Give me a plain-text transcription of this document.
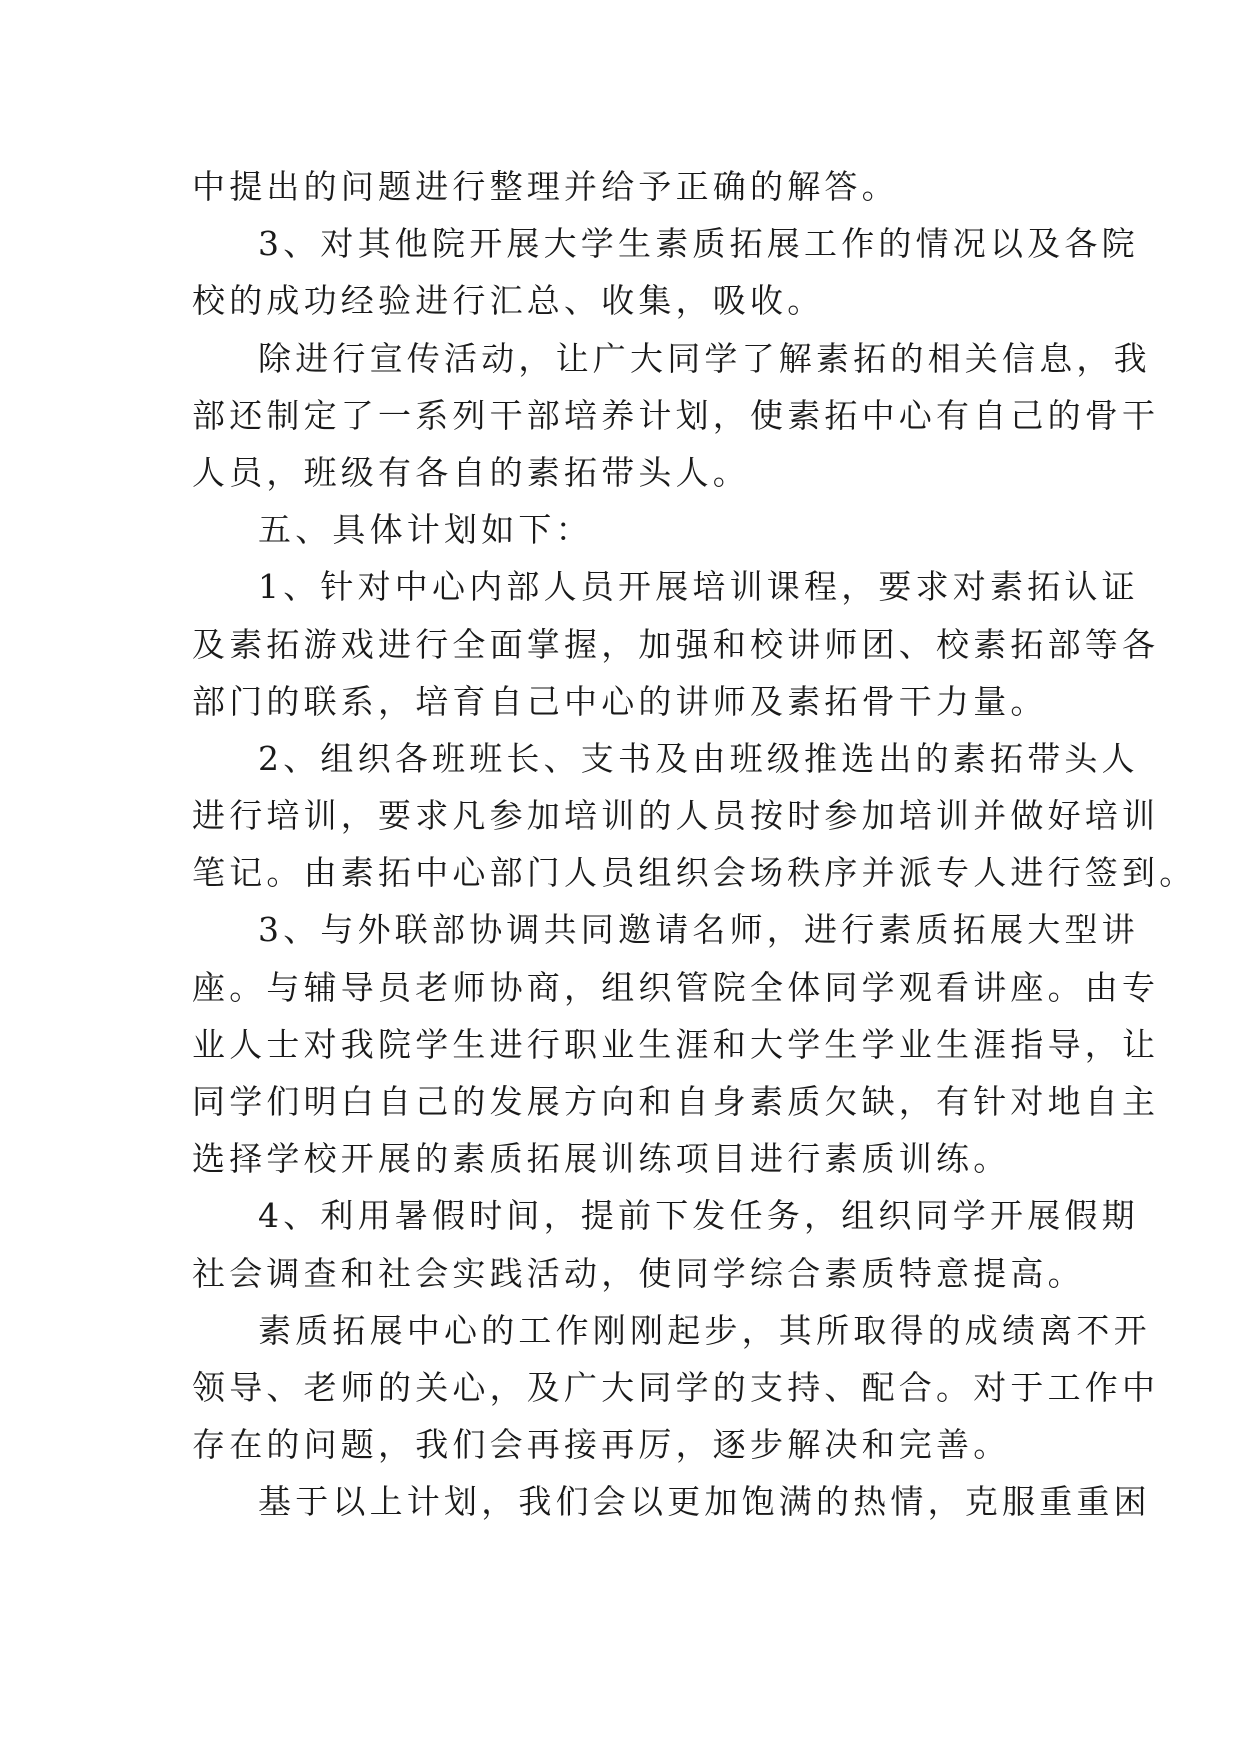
中提出的问题进行整理并给予正确的解答。
3、对其他院开展大学生素质拓展工作的情况以及各院
校的成功经验进行汇总、收集，吸收。
除进行宣传活动，让广大同学了解素拓的相关信息，我
部还制定了一系列干部培养计划，使素拓中心有自己的骨干
人员，班级有各自的素拓带头人。
五、具体计划如下：
1、针对中心内部人员开展培训课程，要求对素拓认证
及素拓游戏进行全面掌握，加强和校讲师团、校素拓部等各
部门的联系，培育自己中心的讲师及素拓骨干力量。
2、组织各班班长、支书及由班级推选出的素拓带头人
进行培训，要求凡参加培训的人员按时参加培训并做好培训
笔记。由素拓中心部门人员组织会场秩序并派专人进行签到。
3、与外联部协调共同邀请名师，进行素质拓展大型讲
座。与辅导员老师协商，组织管院全体同学观看讲座。由专
业人士对我院学生进行职业生涯和大学生学业生涯指导，让
同学们明白自己的发展方向和自身素质欠缺，有针对地自主
选择学校开展的素质拓展训练项目进行素质训练。
4、利用暑假时间，提前下发任务，组织同学开展假期
社会调查和社会实践活动，使同学综合素质特意提高。
素质拓展中心的工作刚刚起步，其所取得的成绩离不开
领导、老师的关心，及广大同学的支持、配合。对于工作中
存在的问题，我们会再接再厉，逐步解决和完善。
基于以上计划，我们会以更加饱满的热情，克服重重困
